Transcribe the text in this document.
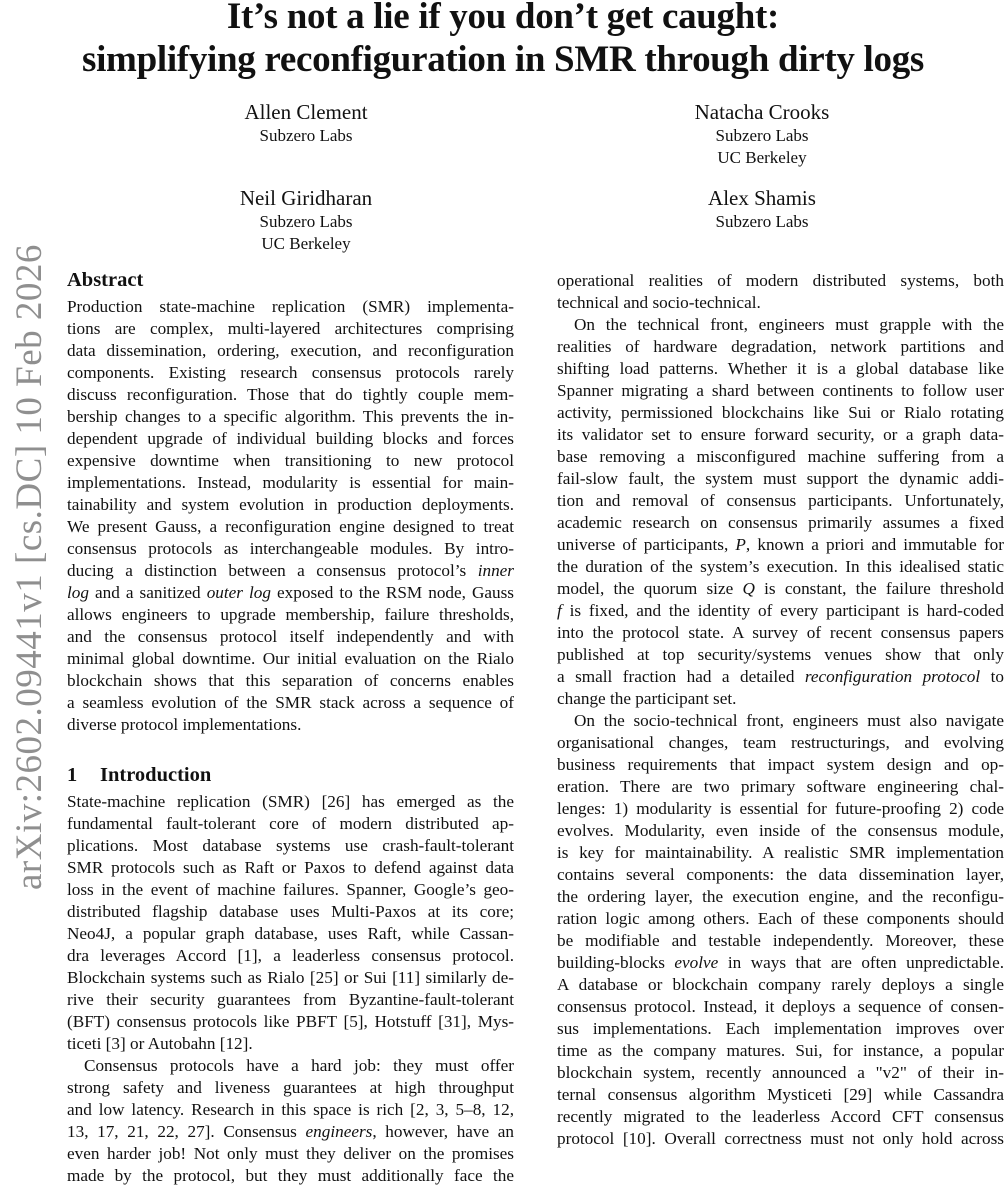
arXiv:2602.09441v1 [cs.DC] 10 Feb 2026
It’s not a lie if you don’t get caught:
simplifying reconfiguration in SMR through dirty logs
Allen Clement
Subzero Labs
Natacha Crooks
Subzero Labs
UC Berkeley
Neil Giridharan
Subzero Labs
UC Berkeley
Alex Shamis
Subzero Labs
Abstract
Production state-machine replication (SMR) implementa-
tions are complex, multi-layered architectures comprising
data dissemination, ordering, execution, and reconfiguration
components. Existing research consensus protocols rarely
discuss reconfiguration. Those that do tightly couple mem-
bership changes to a specific algorithm. This prevents the in-
dependent upgrade of individual building blocks and forces
expensive downtime when transitioning to new protocol
implementations. Instead, modularity is essential for main-
tainability and system evolution in production deployments.
We present Gauss, a reconfiguration engine designed to treat
consensus protocols as interchangeable modules. By intro-
ducing a distinction between a consensus protocol’s inner
log and a sanitized outer log exposed to the RSM node, Gauss
allows engineers to upgrade membership, failure thresholds,
and the consensus protocol itself independently and with
minimal global downtime. Our initial evaluation on the Rialo
blockchain shows that this separation of concerns enables
a seamless evolution of the SMR stack across a sequence of
diverse protocol implementations.
1 Introduction
State-machine replication (SMR) [26] has emerged as the
fundamental fault-tolerant core of modern distributed ap-
plications. Most database systems use crash-fault-tolerant
SMR protocols such as Raft or Paxos to defend against data
loss in the event of machine failures. Spanner, Google’s geo-
distributed flagship database uses Multi-Paxos at its core;
Neo4J, a popular graph database, uses Raft, while Cassan-
dra leverages Accord [1], a leaderless consensus protocol.
Blockchain systems such as Rialo [25] or Sui [11] similarly de-
rive their security guarantees from Byzantine-fault-tolerant
(BFT) consensus protocols like PBFT [5], Hotstuff [31], Mys-
ticeti [3] or Autobahn [12].
Consensus protocols have a hard job: they must offer
strong safety and liveness guarantees at high throughput
and low latency. Research in this space is rich [2, 3, 5–8, 12,
13, 17, 21, 22, 27]. Consensus engineers, however, have an
even harder job! Not only must they deliver on the promises
made by the protocol, but they must additionally face the
operational realities of modern distributed systems, both
technical and socio-technical.
On the technical front, engineers must grapple with the
realities of hardware degradation, network partitions and
shifting load patterns. Whether it is a global database like
Spanner migrating a shard between continents to follow user
activity, permissioned blockchains like Sui or Rialo rotating
its validator set to ensure forward security, or a graph data-
base removing a misconfigured machine suffering from a
fail-slow fault, the system must support the dynamic addi-
tion and removal of consensus participants. Unfortunately,
academic research on consensus primarily assumes a fixed
universe of participants, P, known a priori and immutable for
the duration of the system’s execution. In this idealised static
model, the quorum size Q is constant, the failure threshold
f is fixed, and the identity of every participant is hard-coded
into the protocol state. A survey of recent consensus papers
published at top security/systems venues show that only
a small fraction had a detailed reconfiguration protocol to
change the participant set.
On the socio-technical front, engineers must also navigate
organisational changes, team restructurings, and evolving
business requirements that impact system design and op-
eration. There are two primary software engineering chal-
lenges: 1) modularity is essential for future-proofing 2) code
evolves. Modularity, even inside of the consensus module,
is key for maintainability. A realistic SMR implementation
contains several components: the data dissemination layer,
the ordering layer, the execution engine, and the reconfigu-
ration logic among others. Each of these components should
be modifiable and testable independently. Moreover, these
building-blocks evolve in ways that are often unpredictable.
A database or blockchain company rarely deploys a single
consensus protocol. Instead, it deploys a sequence of consen-
sus implementations. Each implementation improves over
time as the company matures. Sui, for instance, a popular
blockchain system, recently announced a "v2" of their in-
ternal consensus algorithm Mysticeti [29] while Cassandra
recently migrated to the leaderless Accord CFT consensus
protocol [10]. Overall correctness must not only hold across
